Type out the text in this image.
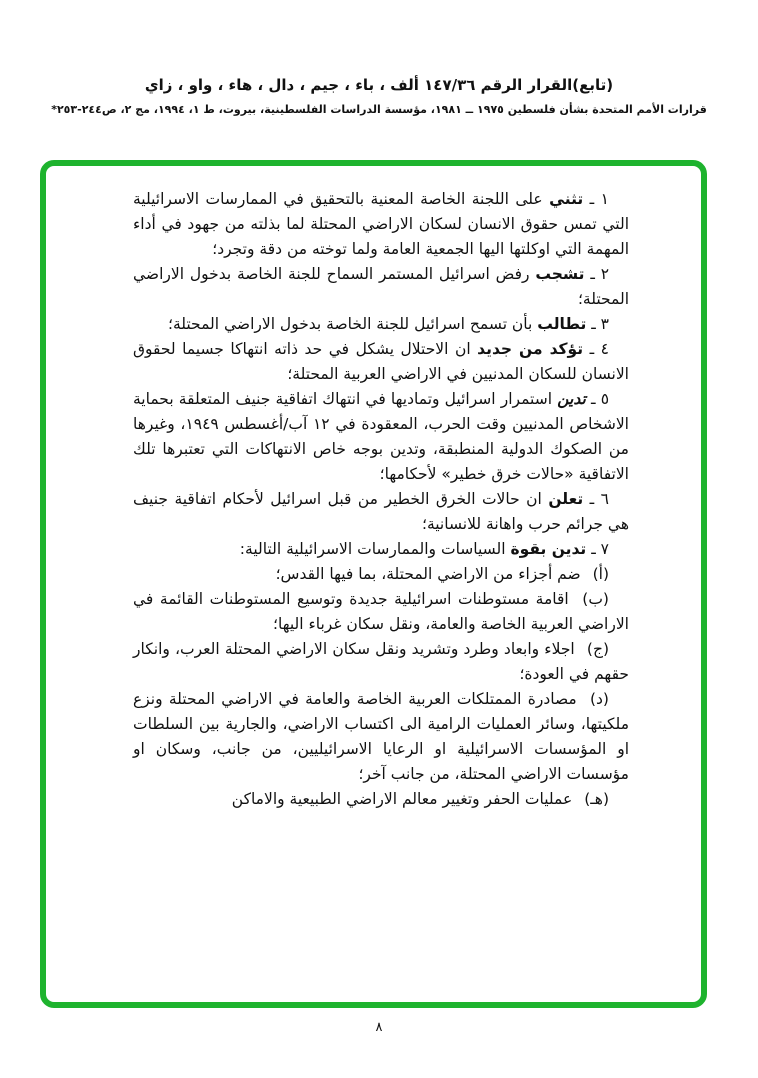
(تابع)القرار الرقم ١٤٧/٣٦ ألف ، باء ، جيم ، دال ، هاء ، واو ، زاي
قرارات الأمم المتحدة بشأن فلسطين ١٩٧٥ ــ ١٩٨١، مؤسسة الدراسات الفلسطينية، بيروت، ط ١، ١٩٩٤، مج ٢، ص٢٤٤-٢٥٣*

١ ـ تثني على اللجنة الخاصة المعنية بالتحقيق في الممارسات الاسرائيلية التي تمس حقوق الانسان لسكان الاراضي المحتلة لما بذلته من جهود في أداء المهمة التي اوكلتها اليها الجمعية العامة ولما توخته من دقة وتجرد؛

٢ ـ تشجب رفض اسرائيل المستمر السماح للجنة الخاصة بدخول الاراضي المحتلة؛

٣ ـ تطالب بأن تسمح اسرائيل للجنة الخاصة بدخول الاراضي المحتلة؛

٤ ـ تؤكد من جديد ان الاحتلال يشكل في حد ذاته انتهاكا جسيما لحقوق الانسان للسكان المدنيين في الاراضي العربية المحتلة؛

٥ ـ تدين استمرار اسرائيل وتماديها في انتهاك اتفاقية جنيف المتعلقة بحماية الاشخاص المدنيين وقت الحرب، المعقودة في ١٢ آب/أغسطس ١٩٤٩، وغيرها من الصكوك الدولية المنطبقة، وتدين بوجه خاص الانتهاكات التي تعتبرها تلك الاتفاقية «حالات خرق خطير» لأحكامها؛

٦ ـ تعلن ان حالات الخرق الخطير من قبل اسرائيل لأحكام اتفاقية جنيف هي جرائم حرب واهانة للانسانية؛

٧ ـ تدين بقوة السياسات والممارسات الاسرائيلية التالية:

(أ) ضم أجزاء من الاراضي المحتلة، بما فيها القدس؛

(ب) اقامة مستوطنات اسرائيلية جديدة وتوسيع المستوطنات القائمة في الاراضي العربية الخاصة والعامة، ونقل سكان غرباء اليها؛

(ج) اجلاء وابعاد وطرد وتشريد ونقل سكان الاراضي المحتلة العرب، وانكار حقهم في العودة؛

(د) مصادرة الممتلكات العربية الخاصة والعامة في الاراضي المحتلة ونزع ملكيتها، وسائر العمليات الرامية الى اكتساب الاراضي، والجارية بين السلطات او المؤسسات الاسرائيلية او الرعايا الاسرائيليين، من جانب، وسكان او مؤسسات الاراضي المحتلة، من جانب آخر؛

(هـ) عمليات الحفر وتغيير معالم الاراضي الطبيعية والاماكن

٨
